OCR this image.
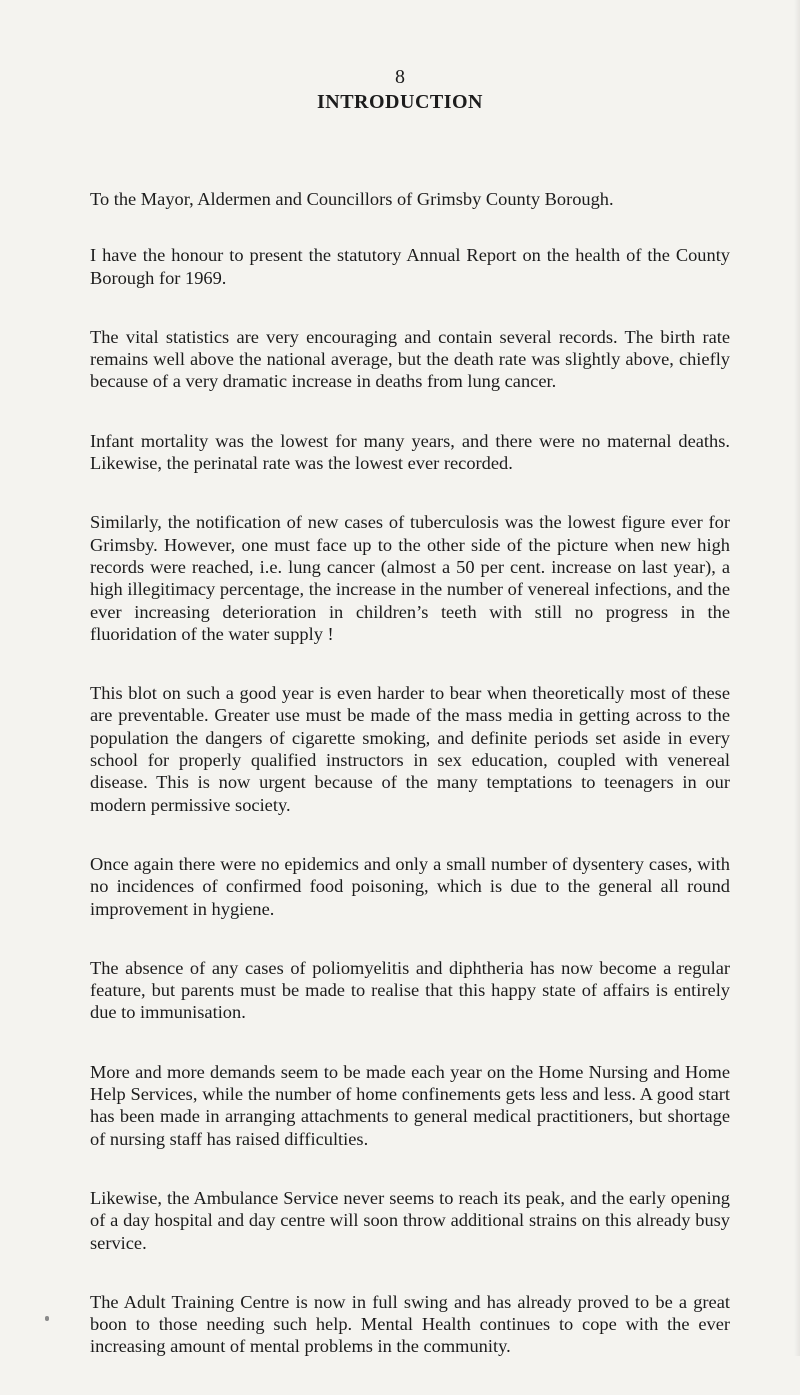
8
INTRODUCTION

To the Mayor, Aldermen and Councillors of Grimsby County Borough.

I have the honour to present the statutory Annual Report on the health of the County Borough for 1969.

The vital statistics are very encouraging and contain several records. The birth rate remains well above the national average, but the death rate was slightly above, chiefly because of a very dramatic increase in deaths from lung cancer.

Infant mortality was the lowest for many years, and there were no maternal deaths. Likewise, the perinatal rate was the lowest ever recorded.

Similarly, the notification of new cases of tuberculosis was the lowest figure ever for Grimsby. However, one must face up to the other side of the picture when new high records were reached, i.e. lung cancer (almost a 50 per cent. increase on last year), a high illegitimacy percentage, the increase in the number of venereal infections, and the ever increasing deterioration in children’s teeth with still no progress in the fluoridation of the water supply !

This blot on such a good year is even harder to bear when theoretically most of these are preventable. Greater use must be made of the mass media in getting across to the population the dangers of cigarette smoking, and definite periods set aside in every school for properly qualified instructors in sex education, coupled with venereal disease. This is now urgent because of the many temptations to teenagers in our modern permissive society.

Once again there were no epidemics and only a small number of dysentery cases, with no incidences of confirmed food poisoning, which is due to the general all round improvement in hygiene.

The absence of any cases of poliomyelitis and diphtheria has now become a regular feature, but parents must be made to realise that this happy state of affairs is entirely due to immunisation.

More and more demands seem to be made each year on the Home Nursing and Home Help Services, while the number of home confinements gets less and less. A good start has been made in arranging attachments to general medical practitioners, but shortage of nursing staff has raised difficulties.

Likewise, the Ambulance Service never seems to reach its peak, and the early opening of a day hospital and day centre will soon throw additional strains on this already busy service.

The Adult Training Centre is now in full swing and has already proved to be a great boon to those needing such help. Mental Health continues to cope with the ever increasing amount of mental problems in the community.
